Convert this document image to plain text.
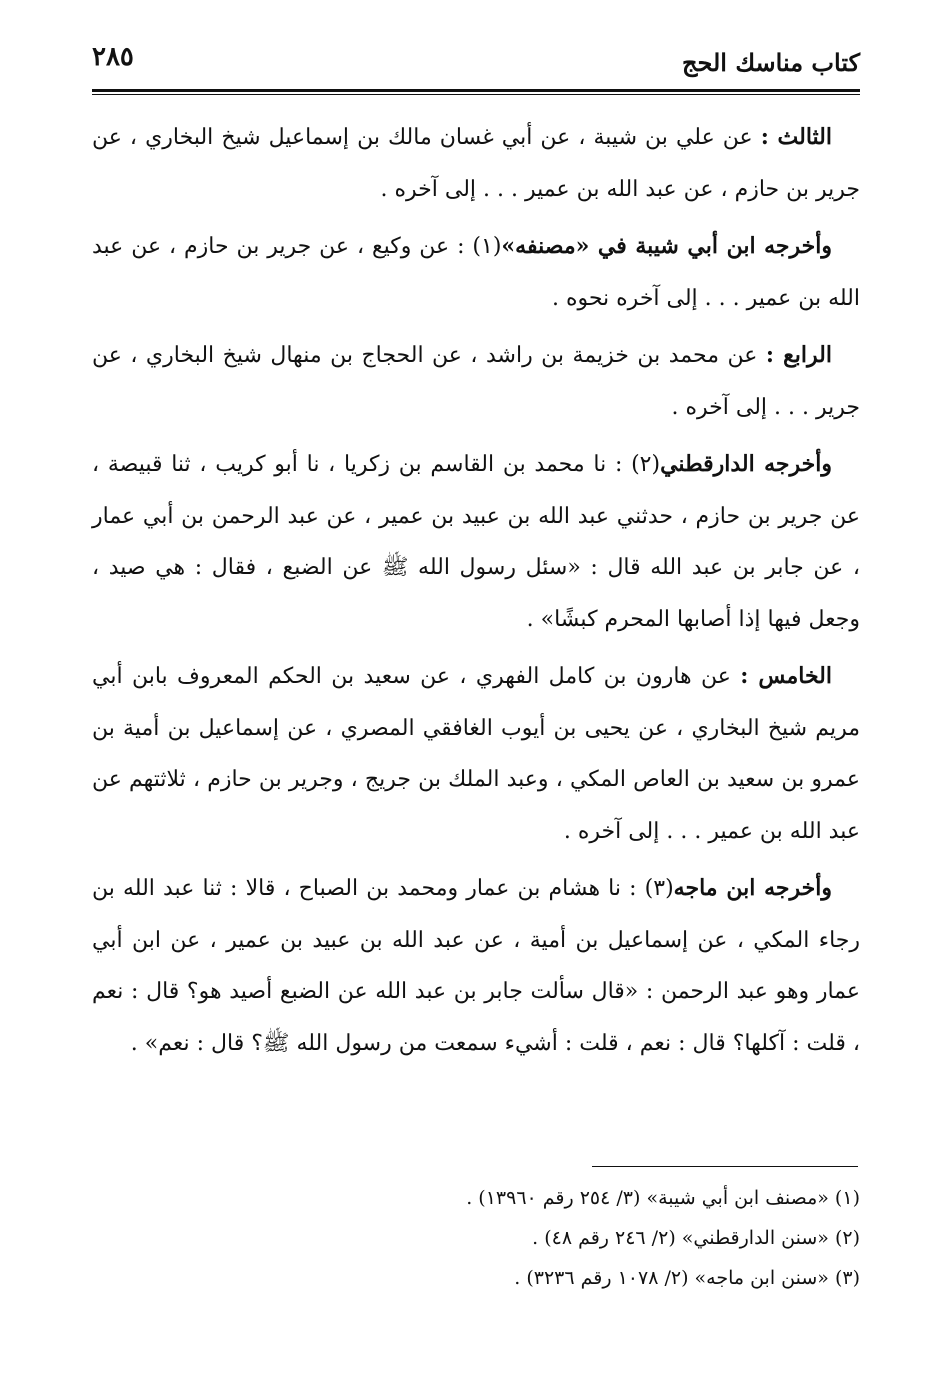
كتاب مناسك الحج
٢٨٥

الثالث : عن علي بن شيبة ، عن أبي غسان مالك بن إسماعيل شيخ البخاري ، عن جرير بن حازم ، عن عبد الله بن عمير . . . إلى آخره .

وأخرجه ابن أبي شيبة في «مصنفه»(١) : عن وكيع ، عن جرير بن حازم ، عن عبد الله بن عمير . . . إلى آخره نحوه .

الرابع : عن محمد بن خزيمة بن راشد ، عن الحجاج بن منهال شيخ البخاري ، عن جرير . . . إلى آخره .

وأخرجه الدارقطني(٢) : نا محمد بن القاسم بن زكريا ، نا أبو كريب ، ثنا قبيصة ، عن جرير بن حازم ، حدثني عبد الله بن عبيد بن عمير ، عن عبد الرحمن بن أبي عمار ، عن جابر بن عبد الله قال : «سئل رسول الله ﷺ عن الضبع ، فقال : هي صيد ، وجعل فيها إذا أصابها المحرم كبشًا» .

الخامس : عن هارون بن كامل الفهري ، عن سعيد بن الحكم المعروف بابن أبي مريم شيخ البخاري ، عن يحيى بن أيوب الغافقي المصري ، عن إسماعيل بن أمية بن عمرو بن سعيد بن العاص المكي ، وعبد الملك بن جريج ، وجرير بن حازم ، ثلاثتهم عن عبد الله بن عمير . . . إلى آخره .

وأخرجه ابن ماجه(٣) : نا هشام بن عمار ومحمد بن الصباح ، قالا : ثنا عبد الله بن رجاء المكي ، عن إسماعيل بن أمية ، عن عبد الله بن عبيد بن عمير ، عن ابن أبي عمار وهو عبد الرحمن : «قال سألت جابر بن عبد الله عن الضبع أصيد هو؟ قال : نعم ، قلت : آكلها؟ قال : نعم ، قلت : أشيء سمعت من رسول الله ﷺ؟ قال : نعم» .

(١) «مصنف ابن أبي شيبة» (٣/ ٢٥٤ رقم ١٣٩٦٠) .

(٢) «سنن الدارقطني» (٢/ ٢٤٦ رقم ٤٨) .

(٣) «سنن ابن ماجه» (٢/ ١٠٧٨ رقم ٣٢٣٦) .
